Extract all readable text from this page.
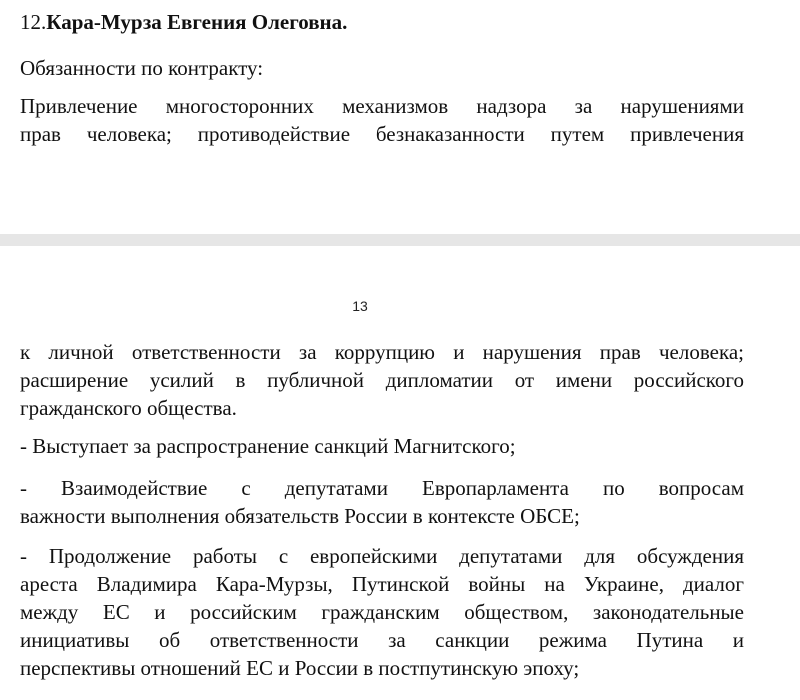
12.Кара-Мурза Евгения Олеговна.
Обязанности по контракту:
Привлечение многосторонних механизмов надзора за нарушениями
прав человека; противодействие безнаказанности путем привлечения
13
к личной ответственности за коррупцию и нарушения прав человека;
расширение усилий в публичной дипломатии от имени российского
гражданского общества.
- Выступает за распространение санкций Магнитского;
- Взаимодействие с депутатами Европарламента по вопросам
важности выполнения обязательств России в контексте ОБСЕ;
- Продолжение работы с европейскими депутатами для обсуждения
ареста Владимира Кара-Мурзы, Путинской войны на Украине, диалог
между ЕС и российским гражданским обществом, законодательные
инициативы об ответственности за санкции режима Путина и
перспективы отношений ЕС и России в постпутинскую эпоху;
